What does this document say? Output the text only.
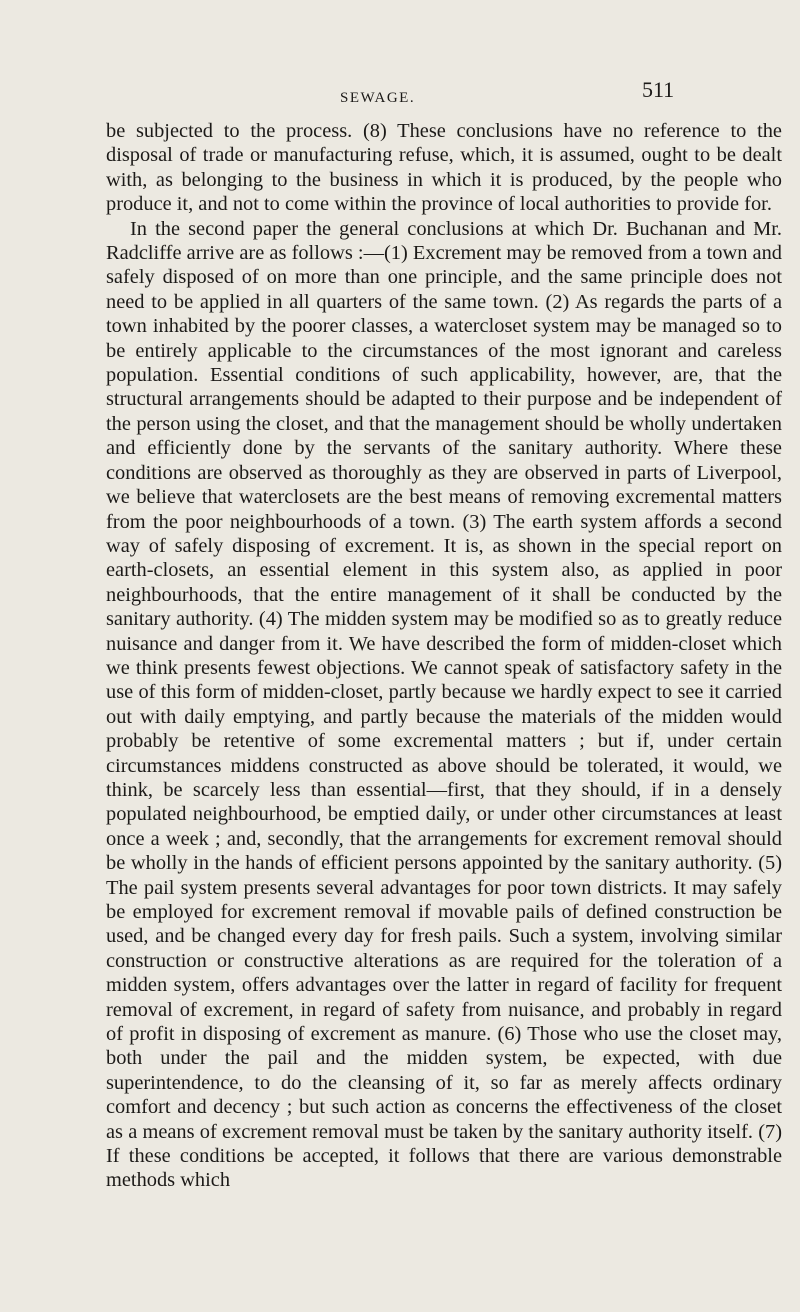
SEWAGE.	511

be subjected to the process. (8) These conclusions have no reference to the disposal of trade or manufacturing refuse, which, it is assumed, ought to be dealt with, as belonging to the business in which it is produced, by the people who produce it, and not to come within the province of local authorities to provide for.

In the second paper the general conclusions at which Dr. Buchanan and Mr. Radcliffe arrive are as follows :—(1) Excrement may be removed from a town and safely disposed of on more than one principle, and the same principle does not need to be applied in all quarters of the same town. (2) As regards the parts of a town inhabited by the poorer classes, a watercloset system may be managed so to be entirely applicable to the circumstances of the most ignorant and careless population. Essential conditions of such applicability, however, are, that the structural arrangements should be adapted to their purpose and be independent of the person using the closet, and that the management should be wholly undertaken and efficiently done by the servants of the sanitary authority. Where these conditions are observed as thoroughly as they are observed in parts of Liverpool, we believe that waterclosets are the best means of removing excremental matters from the poor neighbourhoods of a town. (3) The earth system affords a second way of safely disposing of excrement. It is, as shown in the special report on earth-closets, an essential element in this system also, as applied in poor neighbourhoods, that the entire management of it shall be conducted by the sanitary authority. (4) The midden system may be modified so as to greatly reduce nuisance and danger from it. We have described the form of midden-closet which we think presents fewest objections. We cannot speak of satisfactory safety in the use of this form of midden-closet, partly because we hardly expect to see it carried out with daily emptying, and partly because the materials of the midden would probably be retentive of some excremental matters ; but if, under certain circumstances middens constructed as above should be tolerated, it would, we think, be scarcely less than essential—first, that they should, if in a densely populated neighbourhood, be emptied daily, or under other circumstances at least once a week ; and, secondly, that the arrangements for excrement removal should be wholly in the hands of efficient persons appointed by the sanitary authority. (5) The pail system presents several advantages for poor town districts. It may safely be employed for excrement removal if movable pails of defined construction be used, and be changed every day for fresh pails. Such a system, involving similar construction or constructive alterations as are required for the toleration of a midden system, offers advantages over the latter in regard of facility for frequent removal of excrement, in regard of safety from nuisance, and probably in regard of profit in disposing of excrement as manure. (6) Those who use the closet may, both under the pail and the midden system, be expected, with due superintendence, to do the cleansing of it, so far as merely affects ordinary comfort and decency ; but such action as concerns the effectiveness of the closet as a means of excrement removal must be taken by the sanitary authority itself. (7) If these conditions be accepted, it follows that there are various demonstrable methods which
